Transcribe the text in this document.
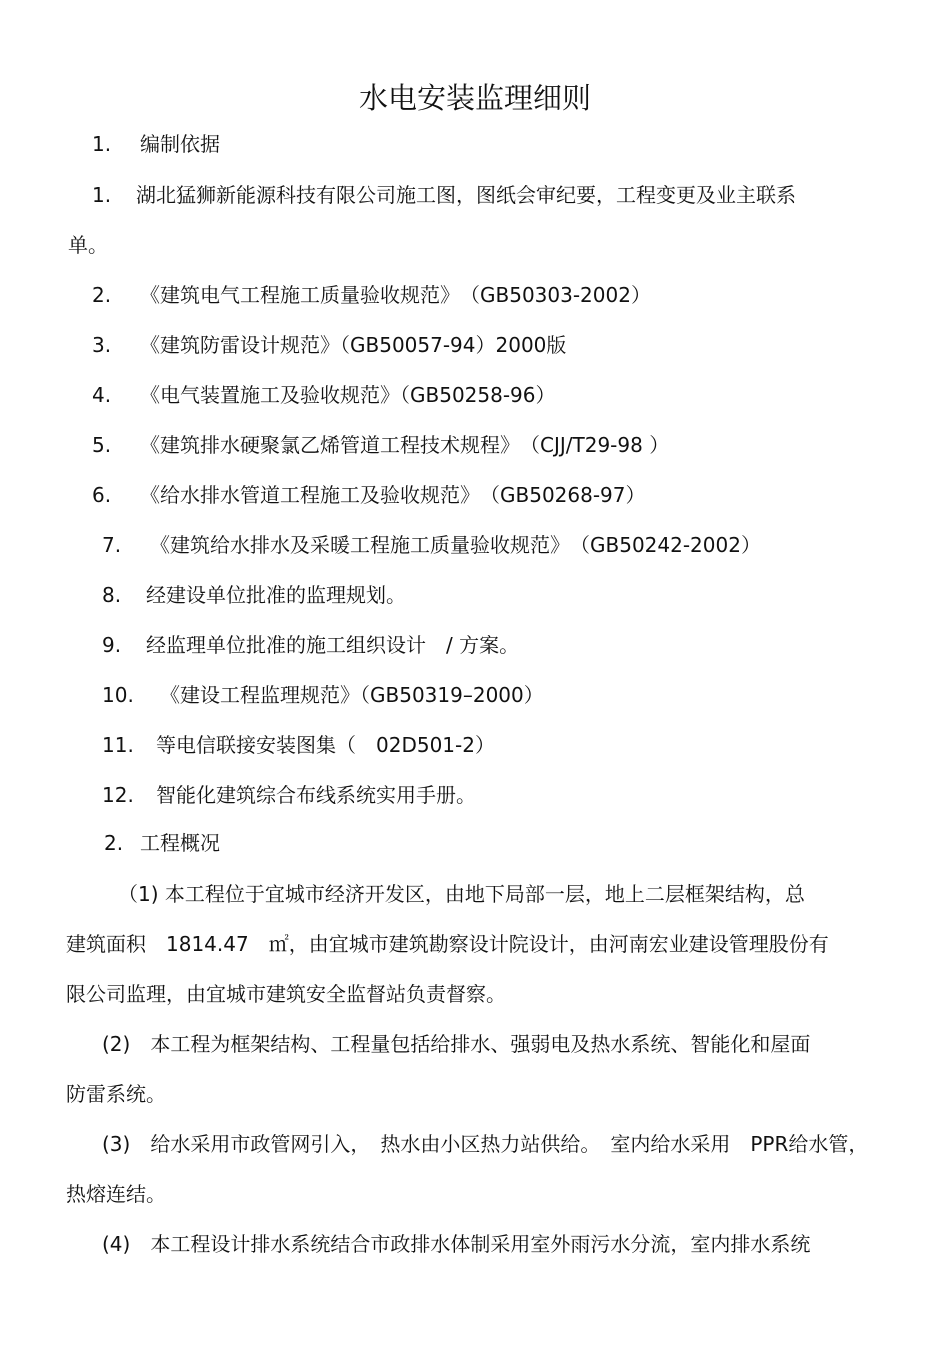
水电安装监理细则
1. 编制依据
1. 湖北猛狮新能源科技有限公司施工图，图纸会审纪要，工程变更及业主联系
单。
2. 《建筑电气工程施工质量验收规范》　（GB50303-2002）
3. 《建筑防雷设计规范》（GB50057-94）2000版
4. 《电气装置施工及验收规范》（GB50258-96）
5. 《建筑排水硬聚氯乙烯管道工程技术规程》　（CJJ/T29-98 ）
6. 《给水排水管道工程施工及验收规范》　（GB50268-97）
7. 《建筑给水排水及采暖工程施工质量验收规范》　（GB50242-2002）
8. 经建设单位批准的监理规划。
9. 经监理单位批准的施工组织设计　/ 方案。
10. 《建设工程监理规范》（GB50319–2000）
11. 等电信联接安装图集（　02D501-2）
12. 智能化建筑综合布线系统实用手册。
2. 工程概况
（1) 本工程位于宜城市经济开发区，由地下局部一层，地上二层框架结构，总
建筑面积　1814.47　㎡，由宜城市建筑勘察设计院设计，由河南宏业建设管理股份有
限公司监理，由宜城市建筑安全监督站负责督察。
(2)　本工程为框架结构、工程量包括给排水、强弱电及热水系统、智能化和屋面
防雷系统。
(3)　给水采用市政管网引入，　热水由小区热力站供给。　室内给水采用　PPR给水管，
热熔连结。
(4)　本工程设计排水系统结合市政排水体制采用室外雨污水分流，室内排水系统
